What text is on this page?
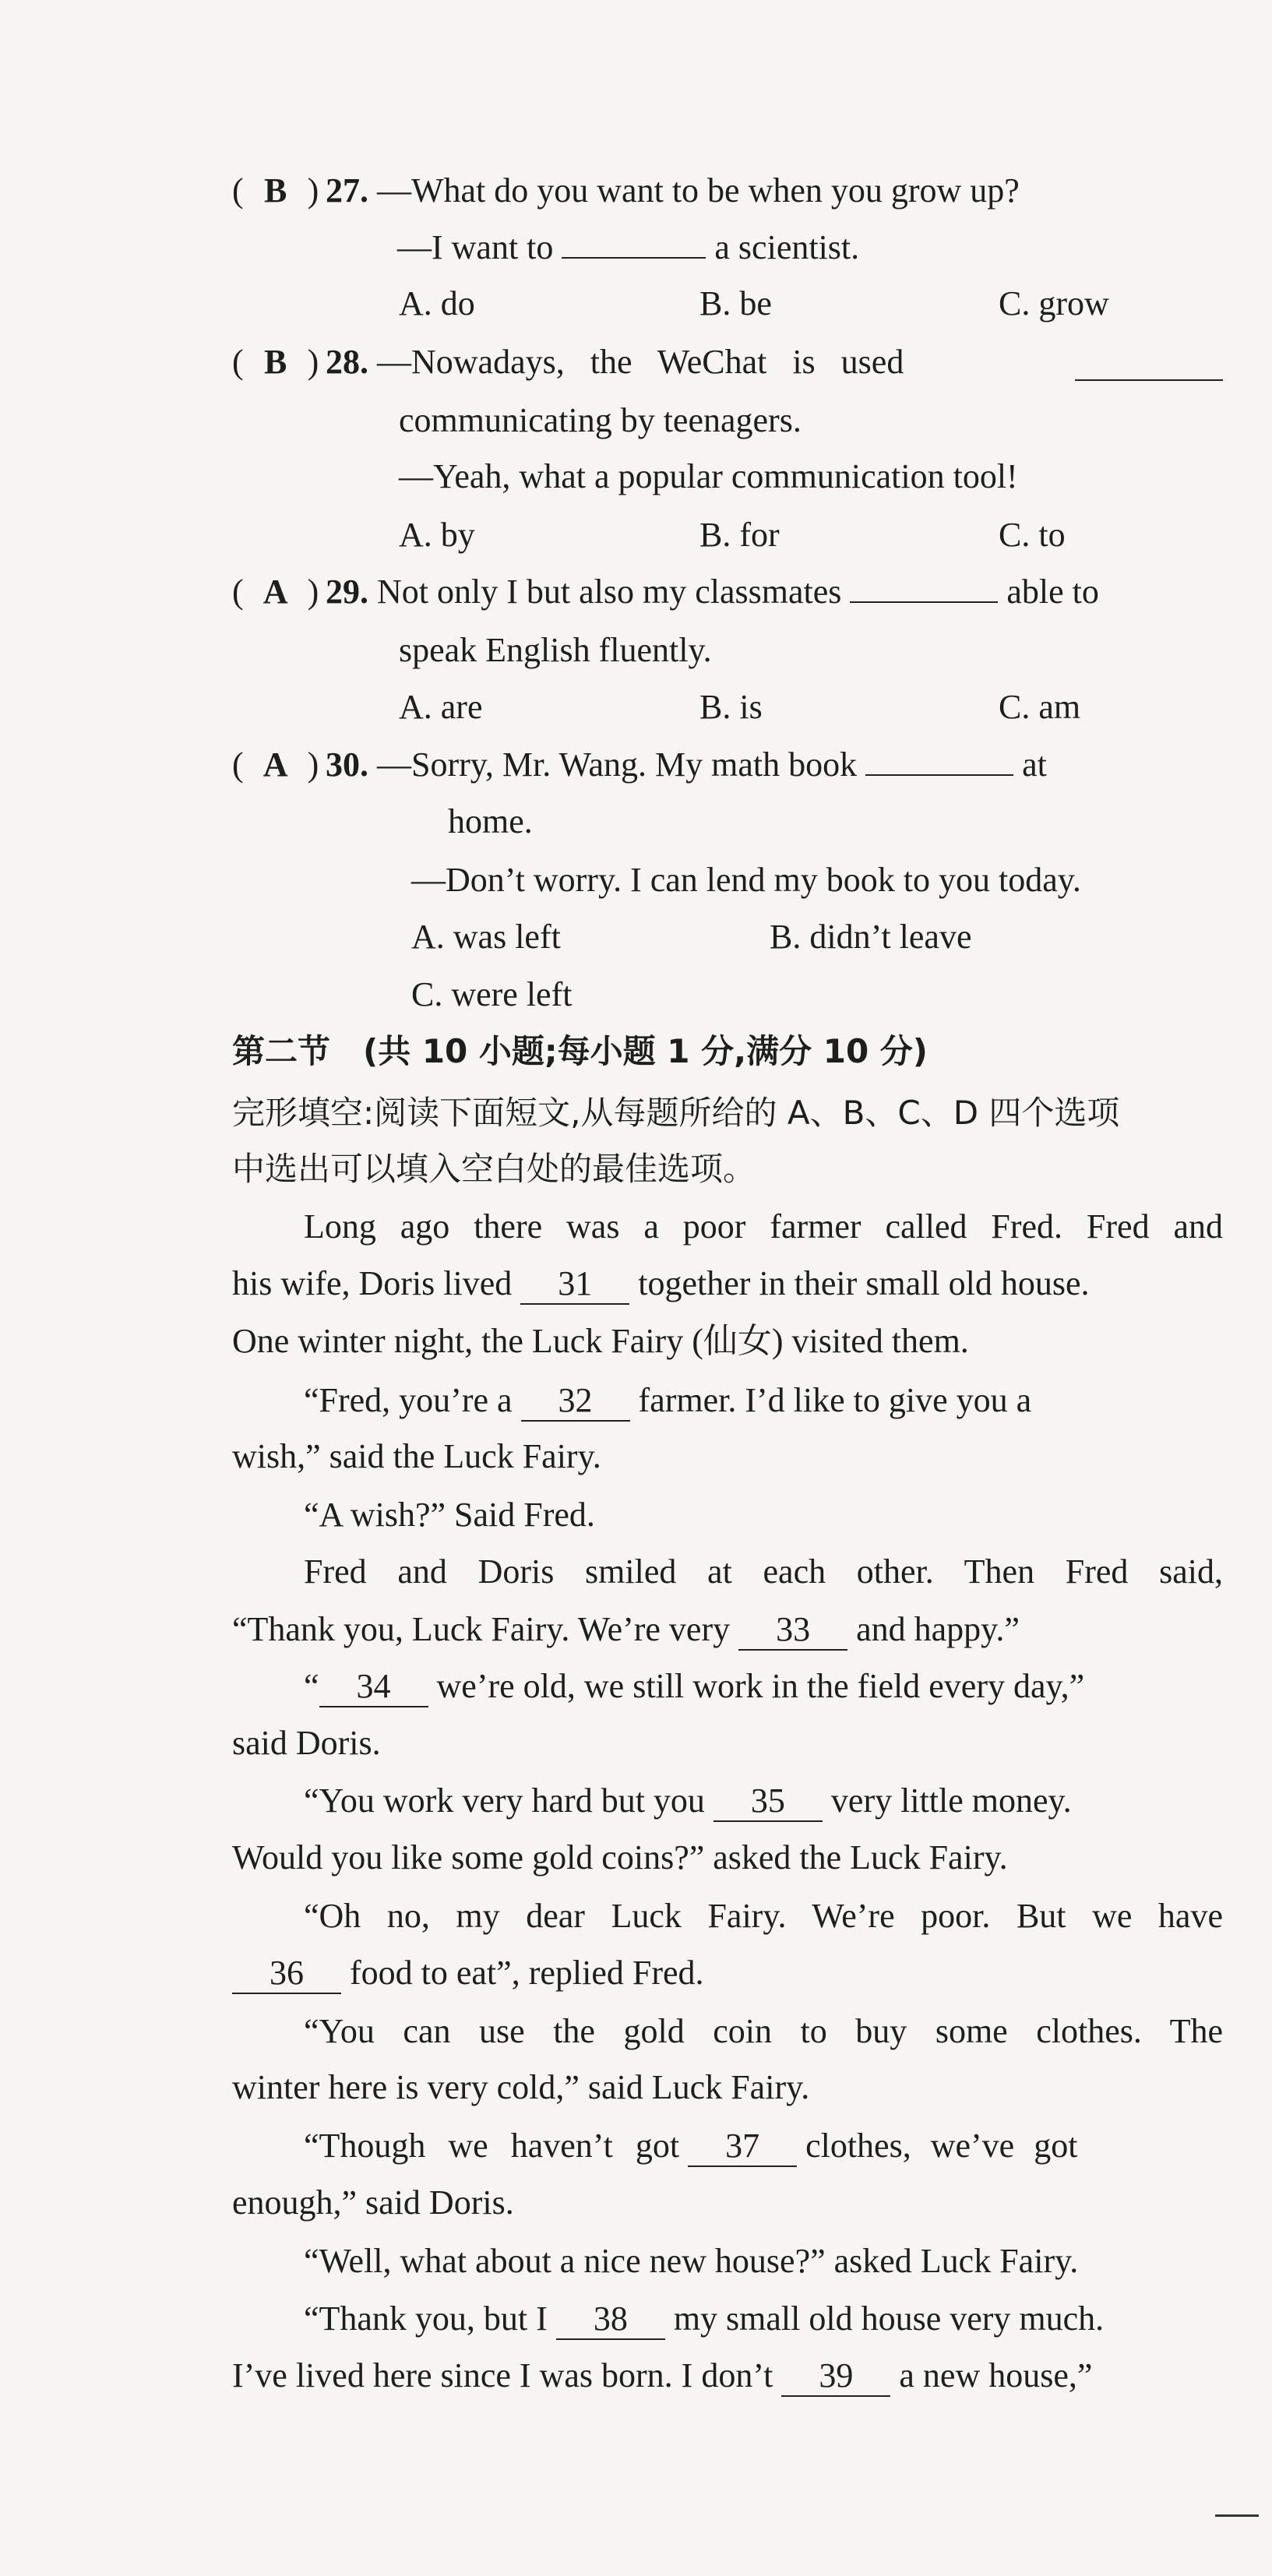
( B ) 27. —What do you want to be when you grow up?
—I want to	a scientist.
A. do	B. be	C. grow
( B ) 28. —Nowadays, the WeChat is used
communicating by teenagers.
—Yeah, what a popular communication tool!
A. by	B. for	C. to
( A ) 29. Not only I but also my classmates	able to
speak English fluently.
A. are	B. is	C. am
( A ) 30. —Sorry, Mr. Wang. My math book	at
home.
—Don’t worry. I can lend my book to you today.
A. was left	B. didn’t leave
C. were left
第二节　(共 10 小题;每小题 1 分,满分 10 分)
完形填空:阅读下面短文,从每题所给的 A、B、C、D 四个选项
中选出可以填入空白处的最佳选项。
Long ago there was a poor farmer called Fred. Fred and
his wife, Doris lived 31 together in their small old house.
One winter night, the Luck Fairy (仙女) visited them.
“Fred, you’re a 32 farmer. I’d like to give you a
wish,” said the Luck Fairy.
“A wish?” Said Fred.
Fred and Doris smiled at each other. Then Fred said,
“Thank you, Luck Fairy. We’re very 33 and happy.”
“ 34 we’re old, we still work in the field every day,”
said Doris.
“You work very hard but you 35 very little money.
Would you like some gold coins?” asked the Luck Fairy.
“Oh no, my dear Luck Fairy. We’re poor. But we have
36 food to eat”, replied Fred.
“You can use the gold coin to buy some clothes. The
winter here is very cold,” said Luck Fairy.
“Though we haven’t got 37 clothes, we’ve got
enough,” said Doris.
“Well, what about a nice new house?” asked Luck Fairy.
“Thank you, but I 38 my small old house very much.
I’ve lived here since I was born. I don’t 39 a new house,”
